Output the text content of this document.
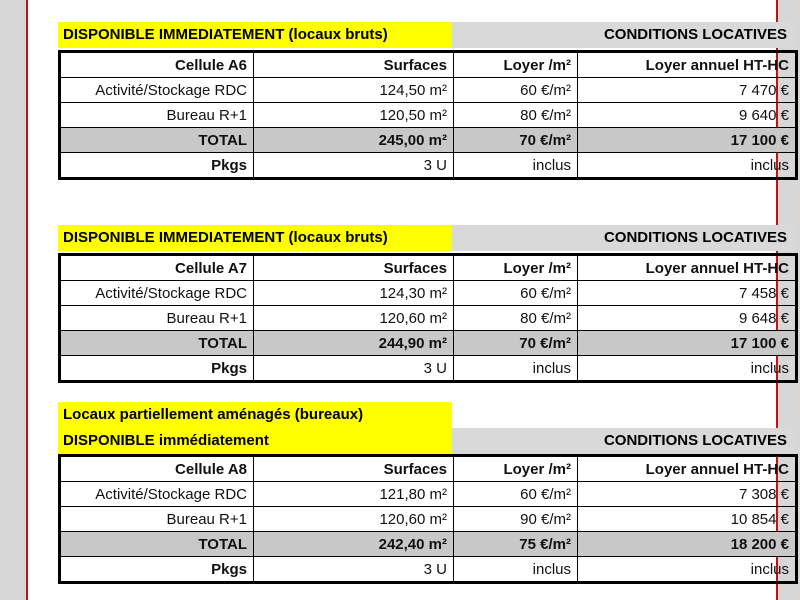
DISPONIBLE IMMEDIATEMENT (locaux bruts)	CONDITIONS LOCATIVES
Cellule A6	Surfaces	Loyer /m²	Loyer annuel HT-HC
Activité/Stockage RDC	124,50 m²	60 €/m²	7 470 €
Bureau R+1	120,50 m²	80 €/m²	9 640 €
TOTAL	245,00 m²	70 €/m²	17 100 €
Pkgs	3 U	inclus	inclus
DISPONIBLE IMMEDIATEMENT (locaux bruts)	CONDITIONS LOCATIVES
Cellule A7	Surfaces	Loyer /m²	Loyer annuel HT-HC
Activité/Stockage RDC	124,30 m²	60 €/m²	7 458 €
Bureau R+1	120,60 m²	80 €/m²	9 648 €
TOTAL	244,90 m²	70 €/m²	17 100 €
Pkgs	3 U	inclus	inclus
Locaux partiellement aménagés (bureaux)
DISPONIBLE immédiatement	CONDITIONS LOCATIVES
Cellule A8	Surfaces	Loyer /m²	Loyer annuel HT-HC
Activité/Stockage RDC	121,80 m²	60 €/m²	7 308 €
Bureau R+1	120,60 m²	90 €/m²	10 854 €
TOTAL	242,40 m²	75 €/m²	18 200 €
Pkgs	3 U	inclus	inclus
